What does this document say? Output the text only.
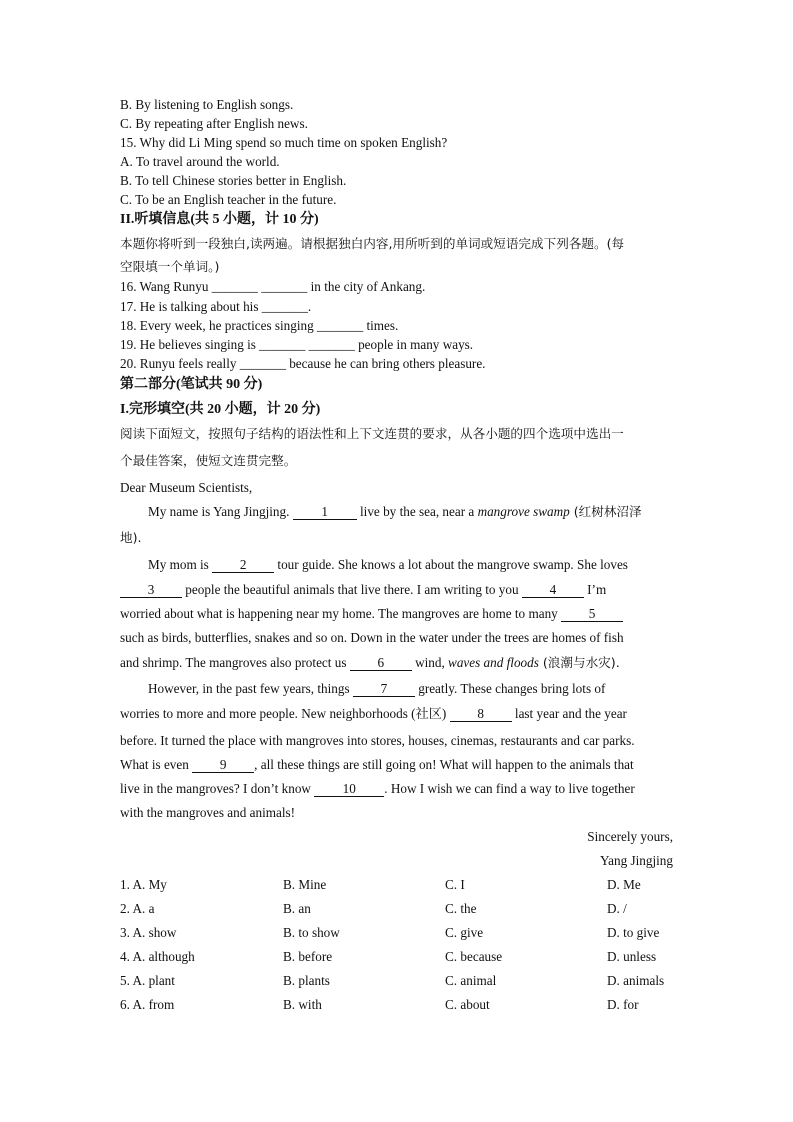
B. By listening to English songs.
C. By repeating after English news.
15. Why did Li Ming spend so much time on spoken English?
A. To travel around the world.
B. To tell Chinese stories better in English.
C. To be an English teacher in the future.
II.听填信息(共 5 小题，计 10 分)
本题你将听到一段独白,读两遍。请根据独白内容,用所听到的单词或短语完成下列各题。(每
空限填一个单词。)
16. Wang Runyu _______ _______ in the city of Ankang.
17. He is talking about his _______.
18. Every week, he practices singing _______ times.
19. He believes singing is _______ _______ people in many ways.
20. Runyu feels really _______ because he can bring others pleasure.
第二部分(笔试共 90 分)
I.完形填空(共 20 小题，计 20 分)
阅读下面短文，按照句子结构的语法性和上下文连贯的要求，从各小题的四个选项中选出一
个最佳答案，使短文连贯完整。
Dear Museum Scientists,
My name is Yang Jingjing. 1 live by the sea, near a mangrove swamp (红树林沼泽
地).
My mom is 2 tour guide. She knows a lot about the mangrove swamp. She loves
3 people the beautiful animals that live there. I am writing to you 4 I’m
worried about what is happening near my home. The mangroves are home to many 5
such as birds, butterflies, snakes and so on. Down in the water under the trees are homes of fish
and shrimp. The mangroves also protect us 6 wind, waves and floods (浪潮与水灾).
However, in the past few years, things 7 greatly. These changes bring lots of
worries to more and more people. New neighborhoods (社区) 8 last year and the year
before. It turned the place with mangroves into stores, houses, cinemas, restaurants and car parks.
What is even 9 , all these things are still going on! What will happen to the animals that
live in the mangroves? I don’t know 10 . How I wish we can find a way to live together
with the mangroves and animals!
Sincerely yours,
Yang Jingjing
1. A. My	B. Mine	C. I	D. Me
2. A. a	B. an	C. the	D. /
3. A. show	B. to show	C. give	D. to give
4. A. although	B. before	C. because	D. unless
5. A. plant	B. plants	C. animal	D. animals
6. A. from	B. with	C. about	D. for
